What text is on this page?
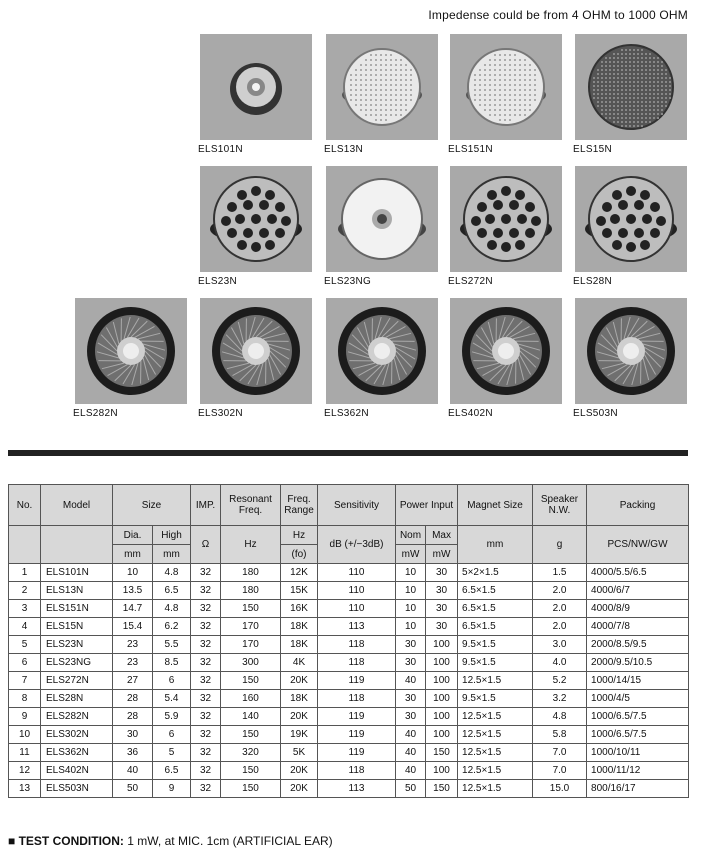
Impedense could be from 4 OHM to 1000 OHM
ELS101N	ELS13N	ELS151N	ELS15N
ELS23N	ELS23NG	ELS272N	ELS28N
ELS282N	ELS302N	ELS362N	ELS402N	ELS503N
No.	Model	Size		IMP.	Resonant Freq.	Freq. Range	Sensitivity	Power Input		Magnet Size	Speaker N.W.	Packing
		Dia.	High	Ω	Hz	Hz	dB (+/−3dB)	Nom	Max	mm	g	PCS/NW/GW
		mm	mm			(fo)		mW	mW			
1	ELS101N	10	4.8	32	180	12K	110	10	30	5×2×1.5	1.5	4000/5.5/6.5
2	ELS13N	13.5	6.5	32	180	15K	110	10	30	6.5×1.5	2.0	4000/6/7
3	ELS151N	14.7	4.8	32	150	16K	110	10	30	6.5×1.5	2.0	4000/8/9
4	ELS15N	15.4	6.2	32	170	18K	113	10	30	6.5×1.5	2.0	4000/7/8
5	ELS23N	23	5.5	32	170	18K	118	30	100	9.5×1.5	3.0	2000/8.5/9.5
6	ELS23NG	23	8.5	32	300	4K	118	30	100	9.5×1.5	4.0	2000/9.5/10.5
7	ELS272N	27	6	32	150	20K	119	40	100	12.5×1.5	5.2	1000/14/15
8	ELS28N	28	5.4	32	160	18K	118	30	100	9.5×1.5	3.2	1000/4/5
9	ELS282N	28	5.9	32	140	20K	119	30	100	12.5×1.5	4.8	1000/6.5/7.5
10	ELS302N	30	6	32	150	19K	119	40	100	12.5×1.5	5.8	1000/6.5/7.5
11	ELS362N	36	5	32	320	5K	119	40	150	12.5×1.5	7.0	1000/10/11
12	ELS402N	40	6.5	32	150	20K	118	40	100	12.5×1.5	7.0	1000/11/12
13	ELS503N	50	9	32	150	20K	113	50	150	12.5×1.5	15.0	800/16/17
■ TEST CONDITION: 1 mW, at MIC. 1cm (ARTIFICIAL EAR)
